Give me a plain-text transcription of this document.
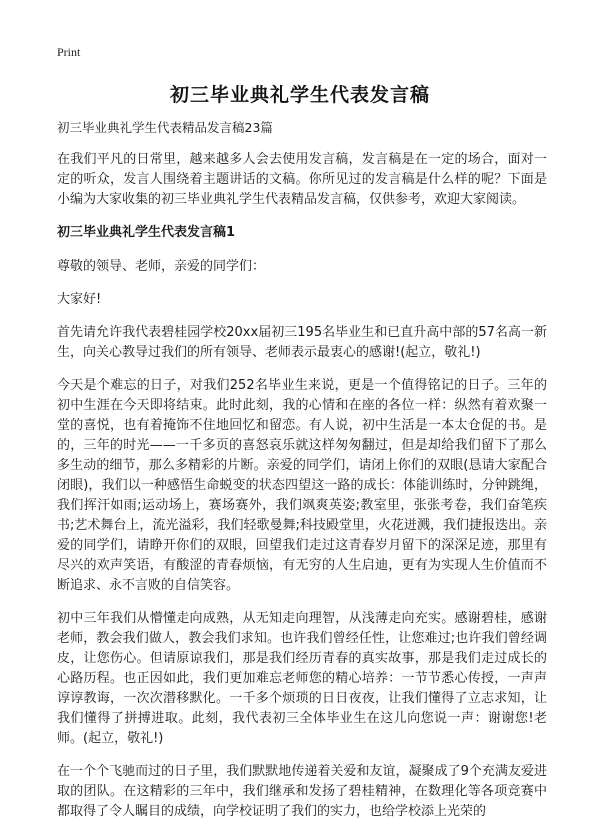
Print
初三毕业典礼学生代表发言稿

初三毕业典礼学生代表精品发言稿23篇

在我们平凡的日常里，越来越多人会去使用发言稿，发言稿是在一定的场合，面对一定的听众，发言人围绕着主题讲话的文稿。你所见过的发言稿是什么样的呢？下面是小编为大家收集的初三毕业典礼学生代表精品发言稿，仅供参考，欢迎大家阅读。

初三毕业典礼学生代表发言稿1

尊敬的领导、老师，亲爱的同学们：

大家好!

首先请允许我代表碧桂园学校20xx届初三195名毕业生和已直升高中部的57名高一新生，向关心教导过我们的所有领导、老师表示最衷心的感谢!(起立，敬礼!)

今天是个难忘的日子，对我们252名毕业生来说，更是一个值得铭记的日子。三年的初中生涯在今天即将结束。此时此刻，我的心情和在座的各位一样：纵然有着欢聚一堂的喜悦，也有着掩饰不住地回忆和留恋。有人说，初中生活是一本太仓促的书。是的，三年的时光——一千多页的喜怒哀乐就这样匆匆翻过，但是却给我们留下了那么多生动的细节，那么多精彩的片断。亲爱的同学们，请闭上你们的双眼(恳请大家配合闭眼)，我们以一种感悟生命蜕变的状态四望这一路的成长：体能训练时，分钟跳绳，我们挥汗如雨;运动场上，赛场赛外，我们飒爽英姿;教室里，张张考卷，我们奋笔疾书;艺术舞台上，流光溢彩，我们轻歌曼舞;科技殿堂里，火花迸溅，我们捷报迭出。亲爱的同学们，请睁开你们的双眼，回望我们走过这青春岁月留下的深深足迹，那里有尽兴的欢声笑语，有酸涩的青春烦恼，有无穷的人生启迪，更有为实现人生价值而不断追求、永不言败的自信笑容。

初中三年我们从懵懂走向成熟，从无知走向理智，从浅薄走向充实。感谢碧桂，感谢老师，教会我们做人，教会我们求知。也许我们曾经任性，让您难过;也许我们曾经调皮，让您伤心。但请原谅我们，那是我们经历青春的真实故事，那是我们走过成长的心路历程。也正因如此，我们更加难忘老师您的精心培养：一节节悉心传授，一声声谆谆教诲，一次次潜移默化。一千多个烦琐的日日夜夜，让我们懂得了立志求知，让我们懂得了拼搏进取。此刻，我代表初三全体毕业生在这儿向您说一声：谢谢您!老师。(起立，敬礼!)

在一个个飞驰而过的日子里，我们默默地传递着关爱和友谊，凝聚成了9个充满友爱进取的团队。在这精彩的三年中，我们继承和发扬了碧桂精神，在数理化等各项竞赛中都取得了令人瞩目的成绩，向学校证明了我们的实力，也给学校添上光荣的
